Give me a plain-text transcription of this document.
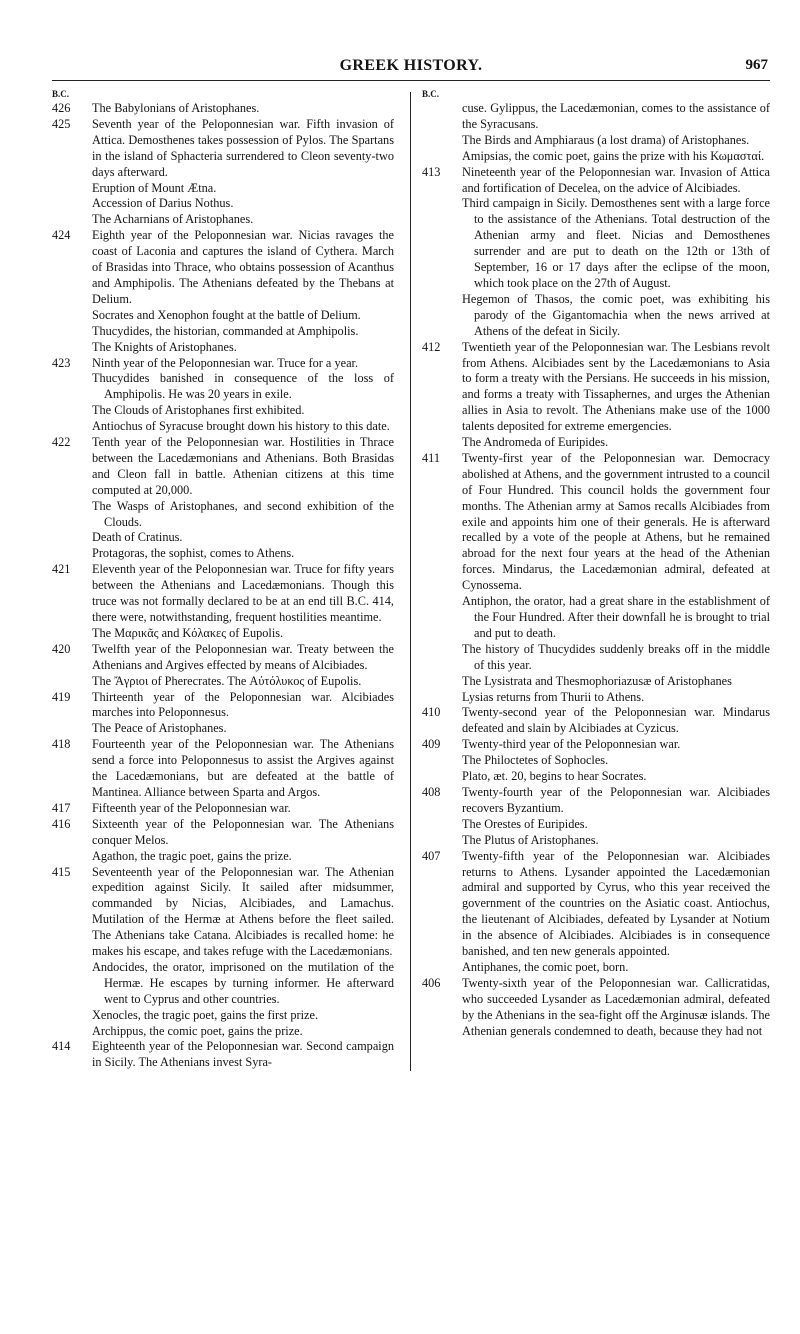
GREEK HISTORY.	967
B.C.
426	The Babylonians of Aristophanes.
425	Seventh year of the Peloponnesian war. Fifth invasion of Attica. Demosthenes takes possession of Pylos. The Spartans in the island of Sphacteria surrendered to Cleon seventy-two days afterward.
Eruption of Mount Ætna.
Accession of Darius Nothus.
The Acharnians of Aristophanes.
424	Eighth year of the Peloponnesian war. Nicias ravages the coast of Laconia and captures the island of Cythera. March of Brasidas into Thrace, who obtains possession of Acanthus and Amphipolis. The Athenians defeated by the Thebans at Delium.
Socrates and Xenophon fought at the battle of Delium.
Thucydides, the historian, commanded at Amphipolis.
The Knights of Aristophanes.
423	Ninth year of the Peloponnesian war. Truce for a year.
Thucydides banished in consequence of the loss of Amphipolis. He was 20 years in exile.
The Clouds of Aristophanes first exhibited.
Antiochus of Syracuse brought down his history to this date.
422	Tenth year of the Peloponnesian war. Hostilities in Thrace between the Lacedæmonians and Athenians. Both Brasidas and Cleon fall in battle. Athenian citizens at this time computed at 20,000.
The Wasps of Aristophanes, and second exhibition of the Clouds.
Death of Cratinus.
Protagoras, the sophist, comes to Athens.
421	Eleventh year of the Peloponnesian war. Truce for fifty years between the Athenians and Lacedæmonians. Though this truce was not formally declared to be at an end till B.C. 414, there were, notwithstanding, frequent hostilities meantime.
The Μαρικᾶς and Κόλακες of Eupolis.
420	Twelfth year of the Peloponnesian war. Treaty between the Athenians and Argives effected by means of Alcibiades.
The Ἄγριοι of Pherecrates. The Αὐτόλυκος of Eupolis.
419	Thirteenth year of the Peloponnesian war. Alcibiades marches into Peloponnesus.
The Peace of Aristophanes.
418	Fourteenth year of the Peloponnesian war. The Athenians send a force into Peloponnesus to assist the Argives against the Lacedæmonians, but are defeated at the battle of Mantinea. Alliance between Sparta and Argos.
417	Fifteenth year of the Peloponnesian war.
416	Sixteenth year of the Peloponnesian war. The Athenians conquer Melos.
Agathon, the tragic poet, gains the prize.
415	Seventeenth year of the Peloponnesian war. The Athenian expedition against Sicily. It sailed after midsummer, commanded by Nicias, Alcibiades, and Lamachus. Mutilation of the Hermæ at Athens before the fleet sailed. The Athenians take Catana. Alcibiades is recalled home: he makes his escape, and takes refuge with the Lacedæmonians.
Andocides, the orator, imprisoned on the mutilation of the Hermæ. He escapes by turning informer. He afterward went to Cyprus and other countries.
Xenocles, the tragic poet, gains the first prize.
Archippus, the comic poet, gains the prize.
414	Eighteenth year of the Peloponnesian war. Second campaign in Sicily. The Athenians invest Syra-
B.C.
cuse. Gylippus, the Lacedæmonian, comes to the assistance of the Syracusans.
The Birds and Amphiaraus (a lost drama) of Aristophanes.
Amipsias, the comic poet, gains the prize with his Κωμασταί.
413	Nineteenth year of the Peloponnesian war. Invasion of Attica and fortification of Decelea, on the advice of Alcibiades.
Third campaign in Sicily. Demosthenes sent with a large force to the assistance of the Athenians. Total destruction of the Athenian army and fleet. Nicias and Demosthenes surrender and are put to death on the 12th or 13th of September, 16 or 17 days after the eclipse of the moon, which took place on the 27th of August.
Hegemon of Thasos, the comic poet, was exhibiting his parody of the Gigantomachia when the news arrived at Athens of the defeat in Sicily.
412	Twentieth year of the Peloponnesian war. The Lesbians revolt from Athens. Alcibiades sent by the Lacedæmonians to Asia to form a treaty with the Persians. He succeeds in his mission, and forms a treaty with Tissaphernes, and urges the Athenian allies in Asia to revolt. The Athenians make use of the 1000 talents deposited for extreme emergencies.
The Andromeda of Euripides.
411	Twenty-first year of the Peloponnesian war. Democracy abolished at Athens, and the government intrusted to a council of Four Hundred. This council holds the government four months. The Athenian army at Samos recalls Alcibiades from exile and appoints him one of their generals. He is afterward recalled by a vote of the people at Athens, but he remained abroad for the next four years at the head of the Athenian forces. Mindarus, the Lacedæmonian admiral, defeated at Cynossema.
Antiphon, the orator, had a great share in the establishment of the Four Hundred. After their downfall he is brought to trial and put to death.
The history of Thucydides suddenly breaks off in the middle of this year.
The Lysistrata and Thesmophoriazusæ of Aristophanes
Lysias returns from Thurii to Athens.
410	Twenty-second year of the Peloponnesian war. Mindarus defeated and slain by Alcibiades at Cyzicus.
409	Twenty-third year of the Peloponnesian war.
The Philoctetes of Sophocles.
Plato, æt. 20, begins to hear Socrates.
408	Twenty-fourth year of the Peloponnesian war. Alcibiades recovers Byzantium.
The Orestes of Euripides.
The Plutus of Aristophanes.
407	Twenty-fifth year of the Peloponnesian war. Alcibiades returns to Athens. Lysander appointed the Lacedæmonian admiral and supported by Cyrus, who this year received the government of the countries on the Asiatic coast. Antiochus, the lieutenant of Alcibiades, defeated by Lysander at Notium in the absence of Alcibiades. Alcibiades is in consequence banished, and ten new generals appointed.
Antiphanes, the comic poet, born.
406	Twenty-sixth year of the Peloponnesian war. Callicratidas, who succeeded Lysander as Lacedæmonian admiral, defeated by the Athenians in the sea-fight off the Arginusæ islands. The Athenian generals condemned to death, because they had not
